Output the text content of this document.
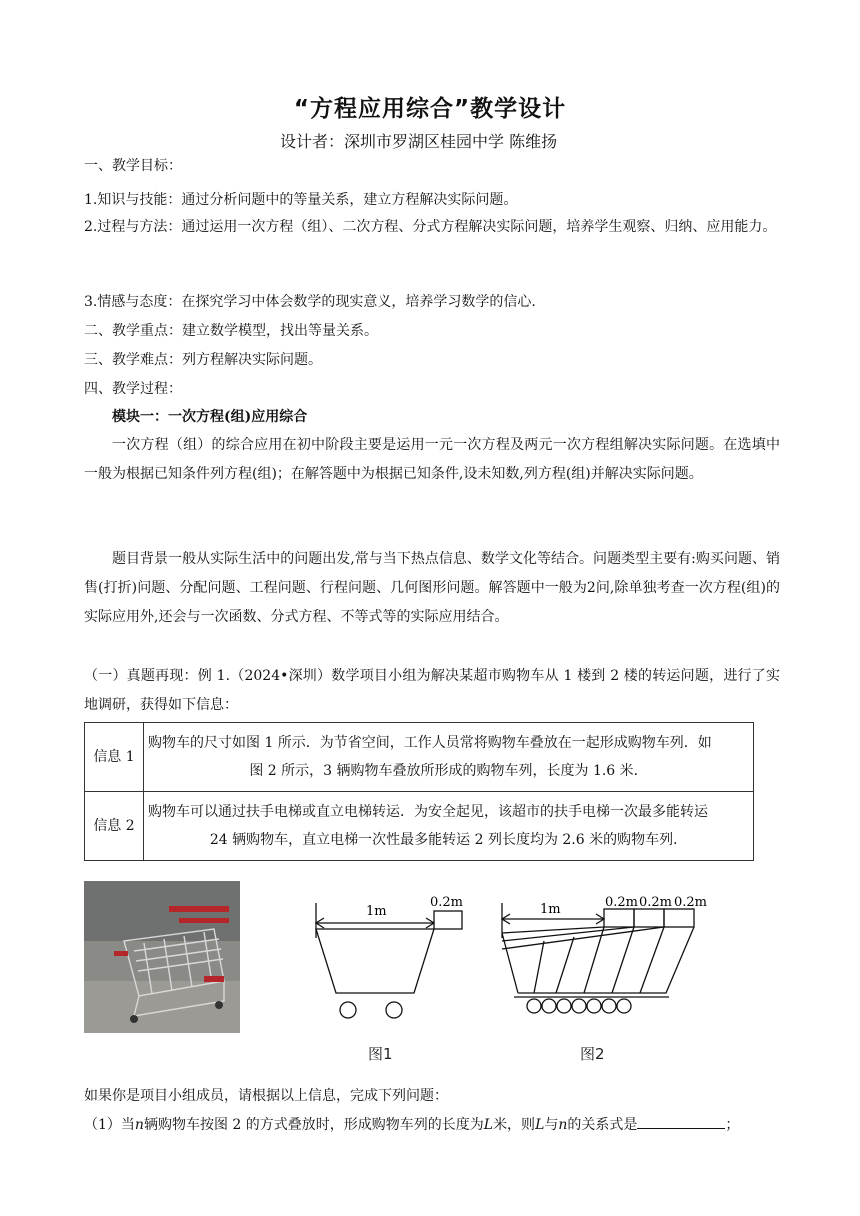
“方程应用综合”教学设计
设计者：深圳市罗湖区桂园中学 陈维扬
一、教学目标：
1.知识与技能：通过分析问题中的等量关系，建立方程解决实际问题。
2.过程与方法：通过运用一次方程（组）、二次方程、分式方程解决实际问题，培养学生观察、归纳、应用能力。
3.情感与态度：在探究学习中体会数学的现实意义，培养学习数学的信心.
二、教学重点：建立数学模型，找出等量关系。
三、教学难点：列方程解决实际问题。
四、教学过程：
模块一：一次方程(组)应用综合
一次方程（组）的综合应用在初中阶段主要是运用一元一次方程及两元一次方程组解决实际问题。在选填中一般为根据已知条件列方程(组)；在解答题中为根据已知条件,设未知数,列方程(组)并解决实际问题。
题目背景一般从实际生活中的问题出发,常与当下热点信息、数学文化等结合。问题类型主要有:购买问题、销售(打折)问题、分配问题、工程问题、行程问题、几何图形问题。解答题中一般为2问,除单独考查一次方程(组)的实际应用外,还会与一次函数、分式方程、不等式等的实际应用结合。
（一）真题再现：例 1.（2024•深圳）数学项目小组为解决某超市购物车从 1 楼到 2 楼的转运问题，进行了实地调研，获得如下信息：
信息 1	购物车的尺寸如图 1 所示．为节省空间，工作人员常将购物车叠放在一起形成购物车列．如
图 2 所示，3 辆购物车叠放所形成的购物车列，长度为 1.6 米．

信息 2	购物车可以通过扶手电梯或直立电梯转运．为安全起见，该超市的扶手电梯一次最多能转运
24 辆购物车，直立电梯一次性最多能转运 2 列长度均为 2.6 米的购物车列．
1m
0.2m
图1
1m	0.2m 0.2m 0.2m
图2
如果你是项目小组成员，请根据以上信息，完成下列问题：
（1）当n辆购物车按图 2 的方式叠放时，形成购物车列的长度为L米，则L与n的关系式是	；
